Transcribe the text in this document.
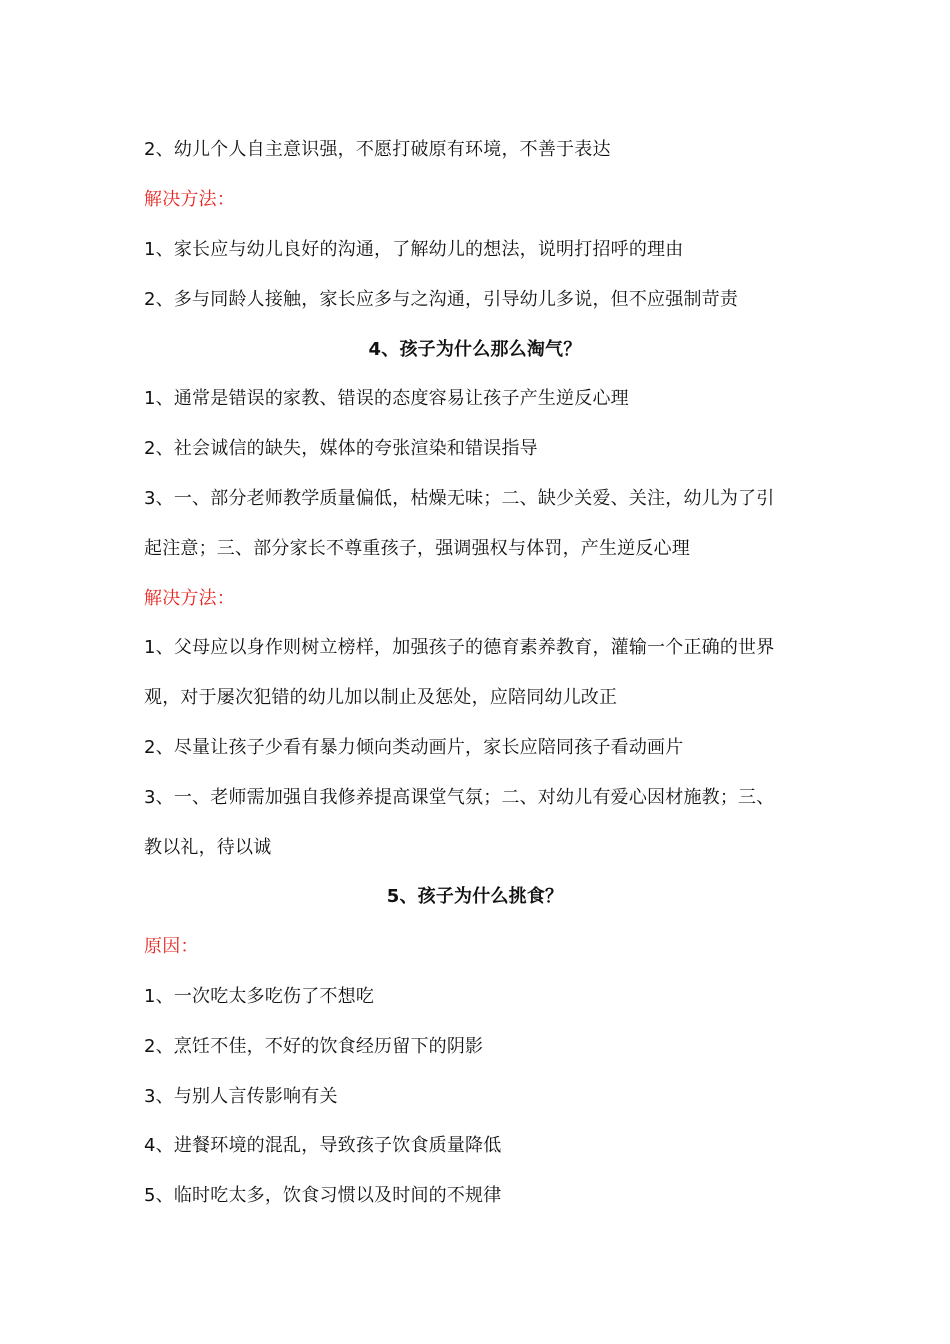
2、幼儿个人自主意识强，不愿打破原有环境，不善于表达
解决方法：
1、家长应与幼儿良好的沟通，了解幼儿的想法，说明打招呼的理由
2、多与同龄人接触，家长应多与之沟通，引导幼儿多说，但不应强制苛责
4、孩子为什么那么淘气？
1、通常是错误的家教、错误的态度容易让孩子产生逆反心理
2、社会诚信的缺失，媒体的夸张渲染和错误指导
3、一、部分老师教学质量偏低，枯燥无味；二、缺少关爱、关注，幼儿为了引
起注意；三、部分家长不尊重孩子，强调强权与体罚，产生逆反心理
解决方法：
1、父母应以身作则树立榜样，加强孩子的德育素养教育，灌输一个正确的世界
观，对于屡次犯错的幼儿加以制止及惩处，应陪同幼儿改正
2、尽量让孩子少看有暴力倾向类动画片，家长应陪同孩子看动画片
3、一、老师需加强自我修养提高课堂气氛；二、对幼儿有爱心因材施教；三、
教以礼，待以诚
5、孩子为什么挑食？
原因：
1、一次吃太多吃伤了不想吃
2、烹饪不佳，不好的饮食经历留下的阴影
3、与别人言传影响有关
4、进餐环境的混乱，导致孩子饮食质量降低
5、临时吃太多，饮食习惯以及时间的不规律
